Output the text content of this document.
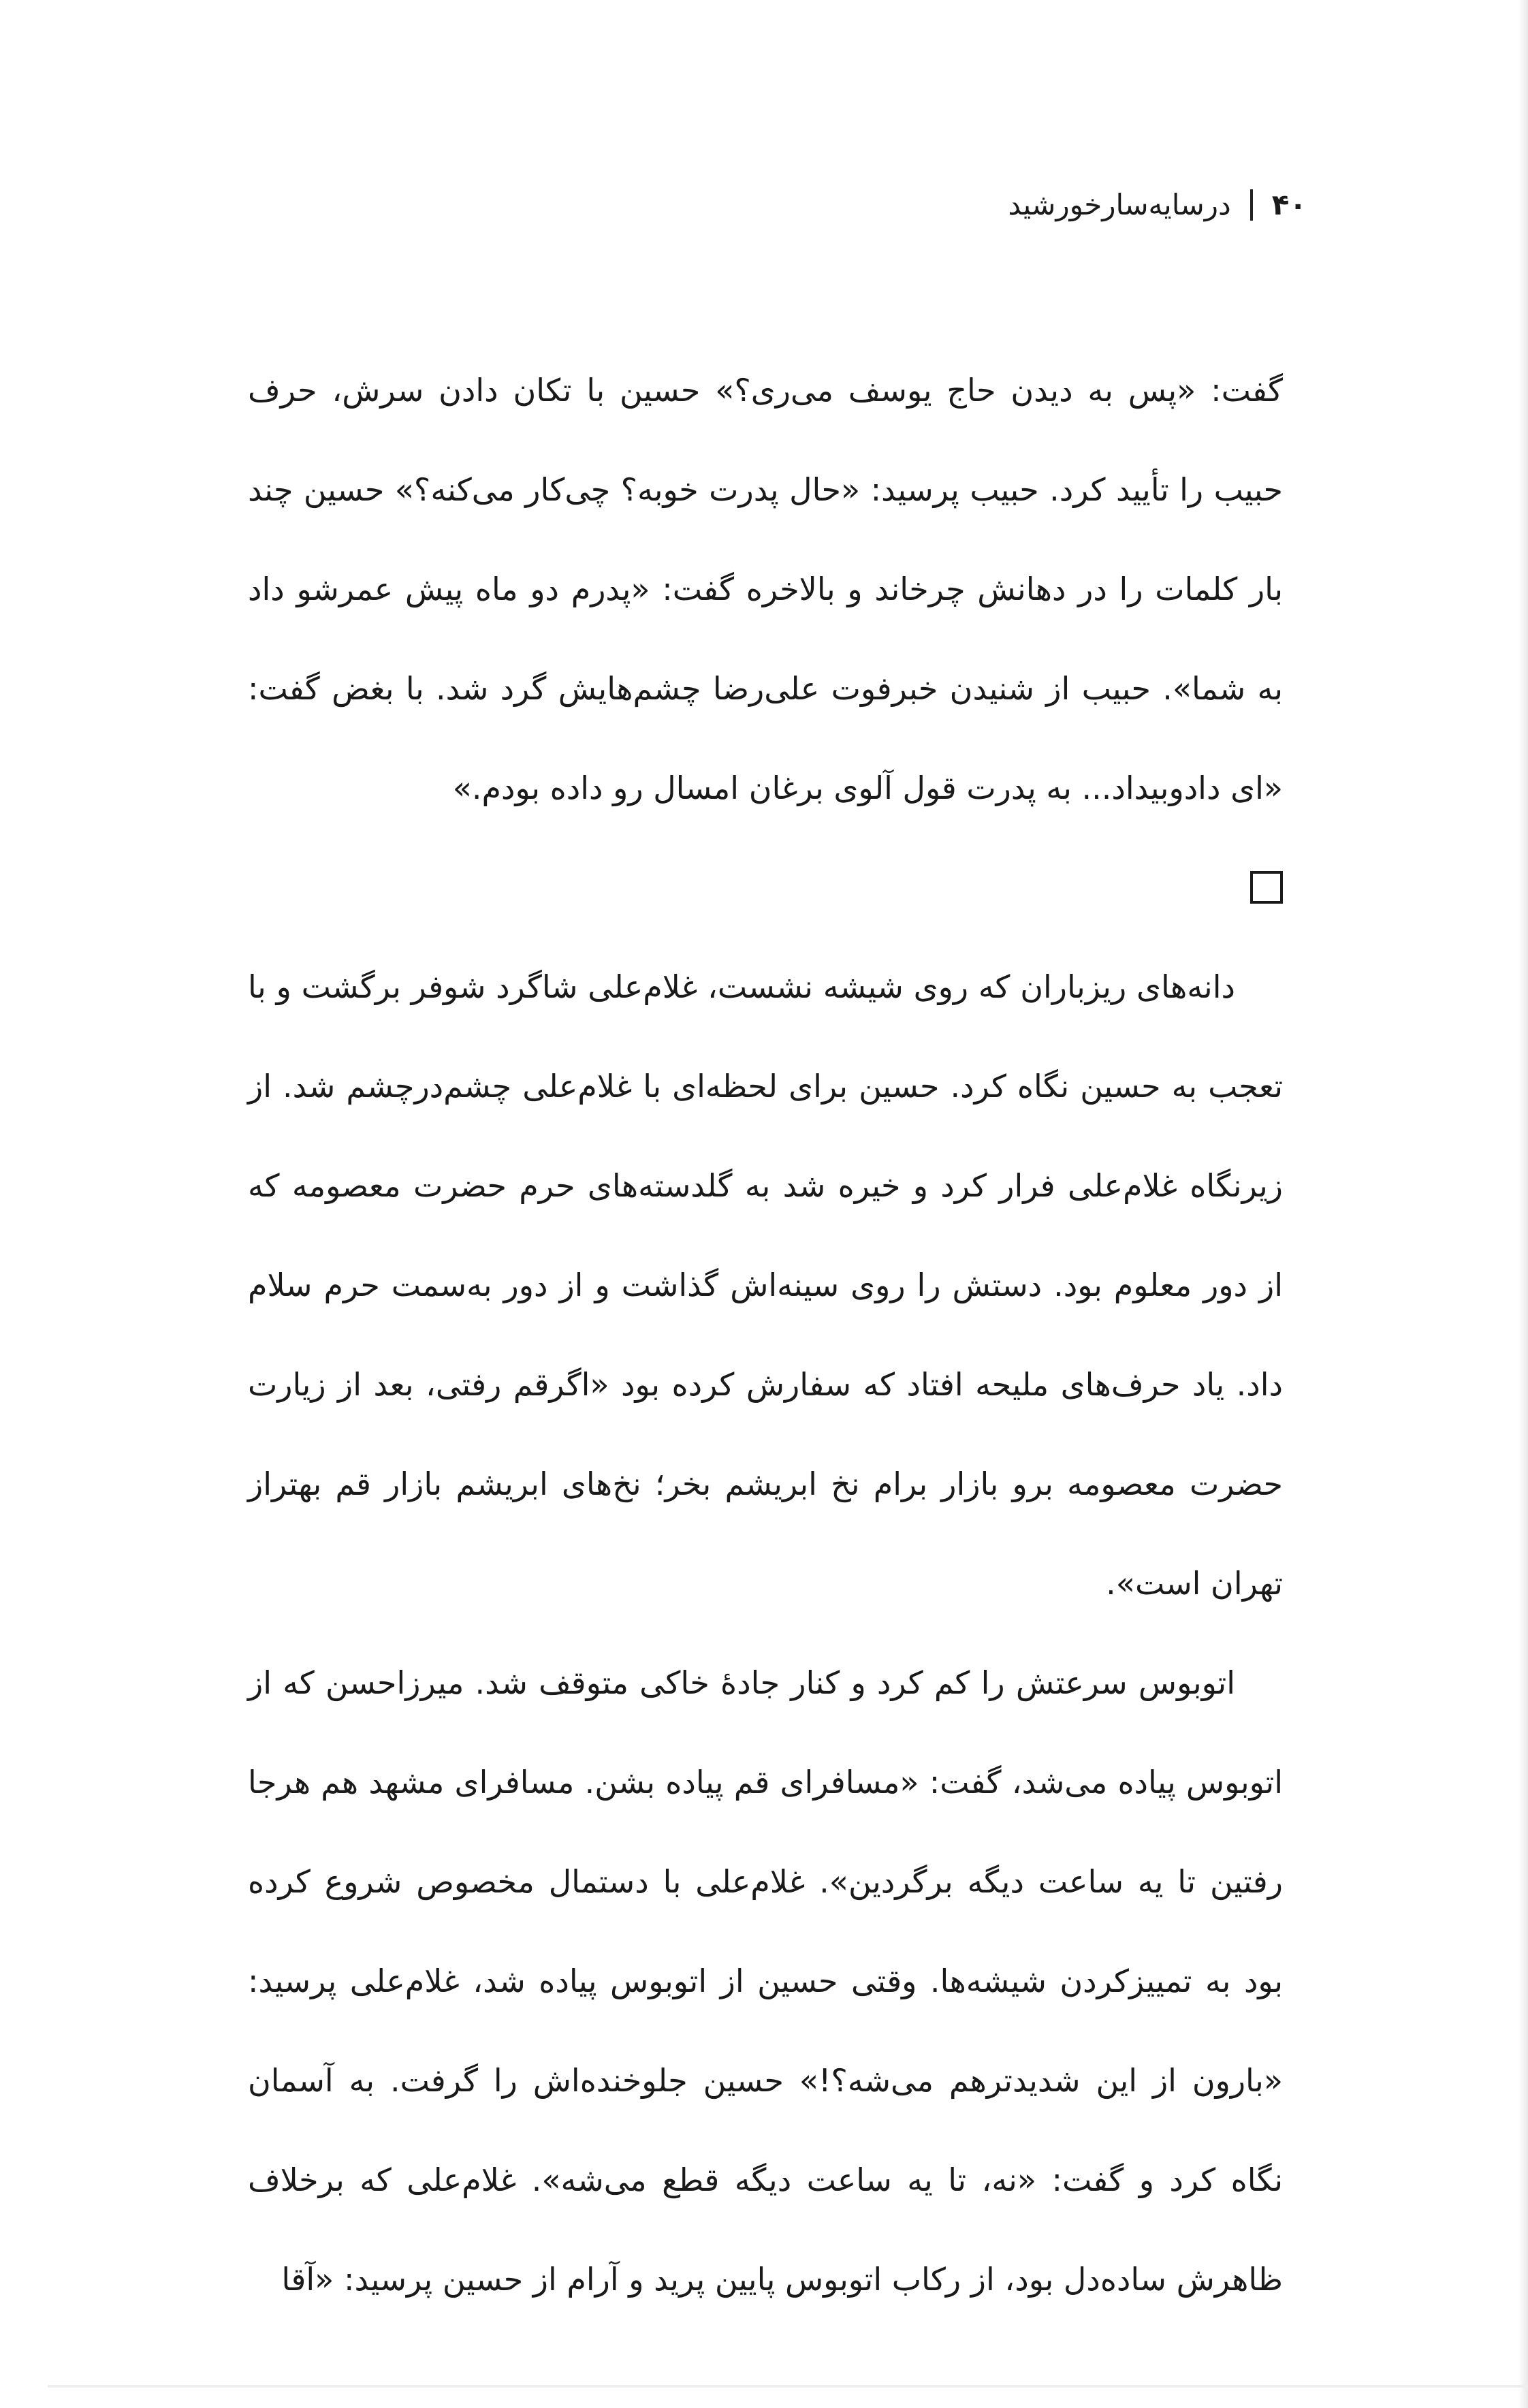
۴۰
درسایه‌سارخورشید

گفت: «پس به دیدن حاج یوسف می‌ری؟» حسین با تکان دادن سرش، حرف حبیب را تأیید کرد. حبیب پرسید: «حال پدرت خوبه؟ چی‌کار می‌کنه؟» حسین چند بار کلمات را در دهانش چرخاند و بالاخره گفت: «پدرم دو ماه پیش عمرشو داد به شما». حبیب از شنیدن خبرفوت علی‌رضا چشم‌هایش گرد شد. با بغض گفت: «ای دادوبیداد... به پدرت قول آلوی برغان امسال رو داده بودم.»

دانه‌های ریزباران که روی شیشه نشست، غلام‌علی شاگرد شوفر برگشت و با تعجب به حسین نگاه کرد. حسین برای لحظه‌ای با غلام‌علی چشم‌درچشم شد. از زیرنگاه غلام‌علی فرار کرد و خیره شد به گلدسته‌های حرم حضرت معصومه که از دور معلوم بود. دستش را روی سینه‌اش گذاشت و از دور به‌سمت حرم سلام داد. یاد حرف‌های ملیحه افتاد که سفارش کرده بود «اگرقم رفتی، بعد از زیارت حضرت معصومه برو بازار برام نخ ابریشم بخر؛ نخ‌های ابریشم بازار قم بهتراز تهران است».

اتوبوس سرعتش را کم کرد و کنار جادهٔ خاکی متوقف شد. میرزاحسن که از اتوبوس پیاده می‌شد، گفت: «مسافرای قم پیاده بشن. مسافرای مشهد هم هرجا رفتین تا یه ساعت دیگه برگردین». غلام‌علی با دستمال مخصوص شروع کرده بود به تمییزکردن شیشه‌ها. وقتی حسین از اتوبوس پیاده شد، غلام‌علی پرسید: «بارون از این شدیدترهم می‌شه؟!» حسین جلوخنده‌اش را گرفت. به آسمان نگاه کرد و گفت: «نه، تا یه ساعت دیگه قطع می‌شه». غلام‌علی که برخلاف ظاهرش ساده‌دل بود، از رکاب اتوبوس پایین پرید و آرام از حسین پرسید: «آقا
